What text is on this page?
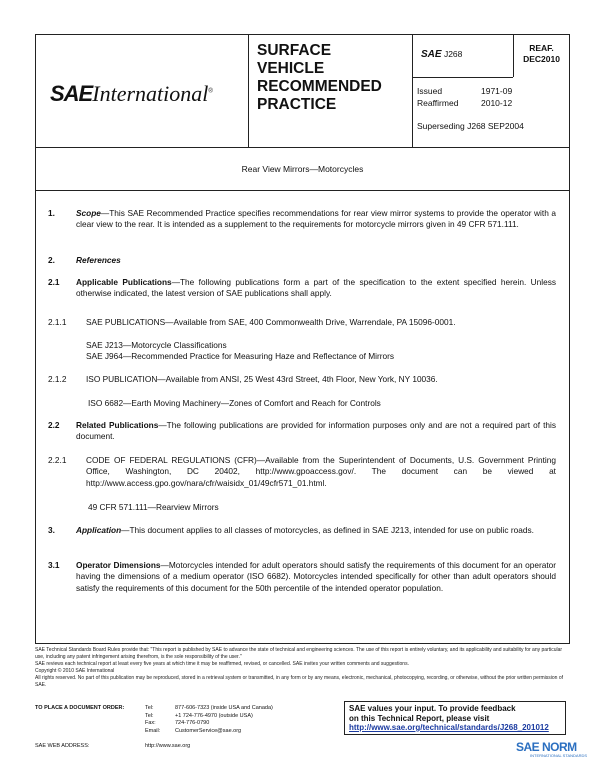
SAEInternational®
SURFACE
VEHICLE
RECOMMENDED
PRACTICE
SAE J268
REAF.
DEC2010
Issued	1971-09
Reaffirmed	2010-12
Superseding J268 SEP2004
Rear View Mirrors—Motorcycles
1.	Scope—This SAE Recommended Practice specifies recommendations for rear view mirror systems to provide the operator with a clear view to the rear. It is intended as a supplement to the requirements for motorcycle mirrors given in 49 CFR 571.111.
2.	References
2.1 Applicable Publications—The following publications form a part of the specification to the extent specified herein. Unless otherwise indicated, the latest version of SAE publications shall apply.
2.1.1 SAE PUBLICATIONS—Available from SAE, 400 Commonwealth Drive, Warrendale, PA 15096-0001.
SAE J213—Motorcycle Classifications
SAE J964—Recommended Practice for Measuring Haze and Reflectance of Mirrors
2.1.2 ISO PUBLICATION—Available from ANSI, 25 West 43rd Street, 4th Floor, New York, NY 10036.
ISO 6682—Earth Moving Machinery—Zones of Comfort and Reach for Controls
2.2 Related Publications—The following publications are provided for information purposes only and are not a required part of this document.
2.2.1 CODE OF FEDERAL REGULATIONS (CFR)—Available from the Superintendent of Documents, U.S. Government Printing Office, Washington, DC 20402, http://www.gpoaccess.gov/. The document can be viewed at http://www.access.gpo.gov/nara/cfr/waisidx_01/49cfr571_01.html.
49 CFR 571.111—Rearview Mirrors
3.	Application—This document applies to all classes of motorcycles, as defined in SAE J213, intended for use on public roads.
3.1 Operator Dimensions—Motorcycles intended for adult operators should satisfy the requirements of this document for an operator having the dimensions of a medium operator (ISO 6682). Motorcycles intended specifically for other than adult operators should satisfy the requirements of this document for the 50th percentile of the intended operator population.

SAE Technical Standards Board Rules provide that: "This report is published by SAE to advance the state of technical and engineering sciences. The use of this report is entirely voluntary, and its applicability and suitability for any particular use, including any patent infringement arising therefrom, is the sole responsibility of the user."

SAE reviews each technical report at least every five years at which time it may be reaffirmed, revised, or cancelled. SAE invites your written comments and suggestions.

Copyright © 2010 SAE International

All rights reserved. No part of this publication may be reproduced, stored in a retrieval system or transmitted, in any form or by any means, electronic, mechanical, photocopying, recording, or otherwise, without the prior written permission of SAE.

TO PLACE A DOCUMENT ORDER:	Tel:	877-606-7323 (inside USA and Canada)
Tel:	+1 724-776-4970 (outside USA)
Fax:	724-776-0790
Email:	CustomerService@sae.org
SAE WEB ADDRESS:	http://www.sae.org
SAE values your input. To provide feedback
on this Technical Report, please visit
http://www.sae.org/technical/standards/J268_201012
SAE NORM
INTERNATIONAL STANDARDS
